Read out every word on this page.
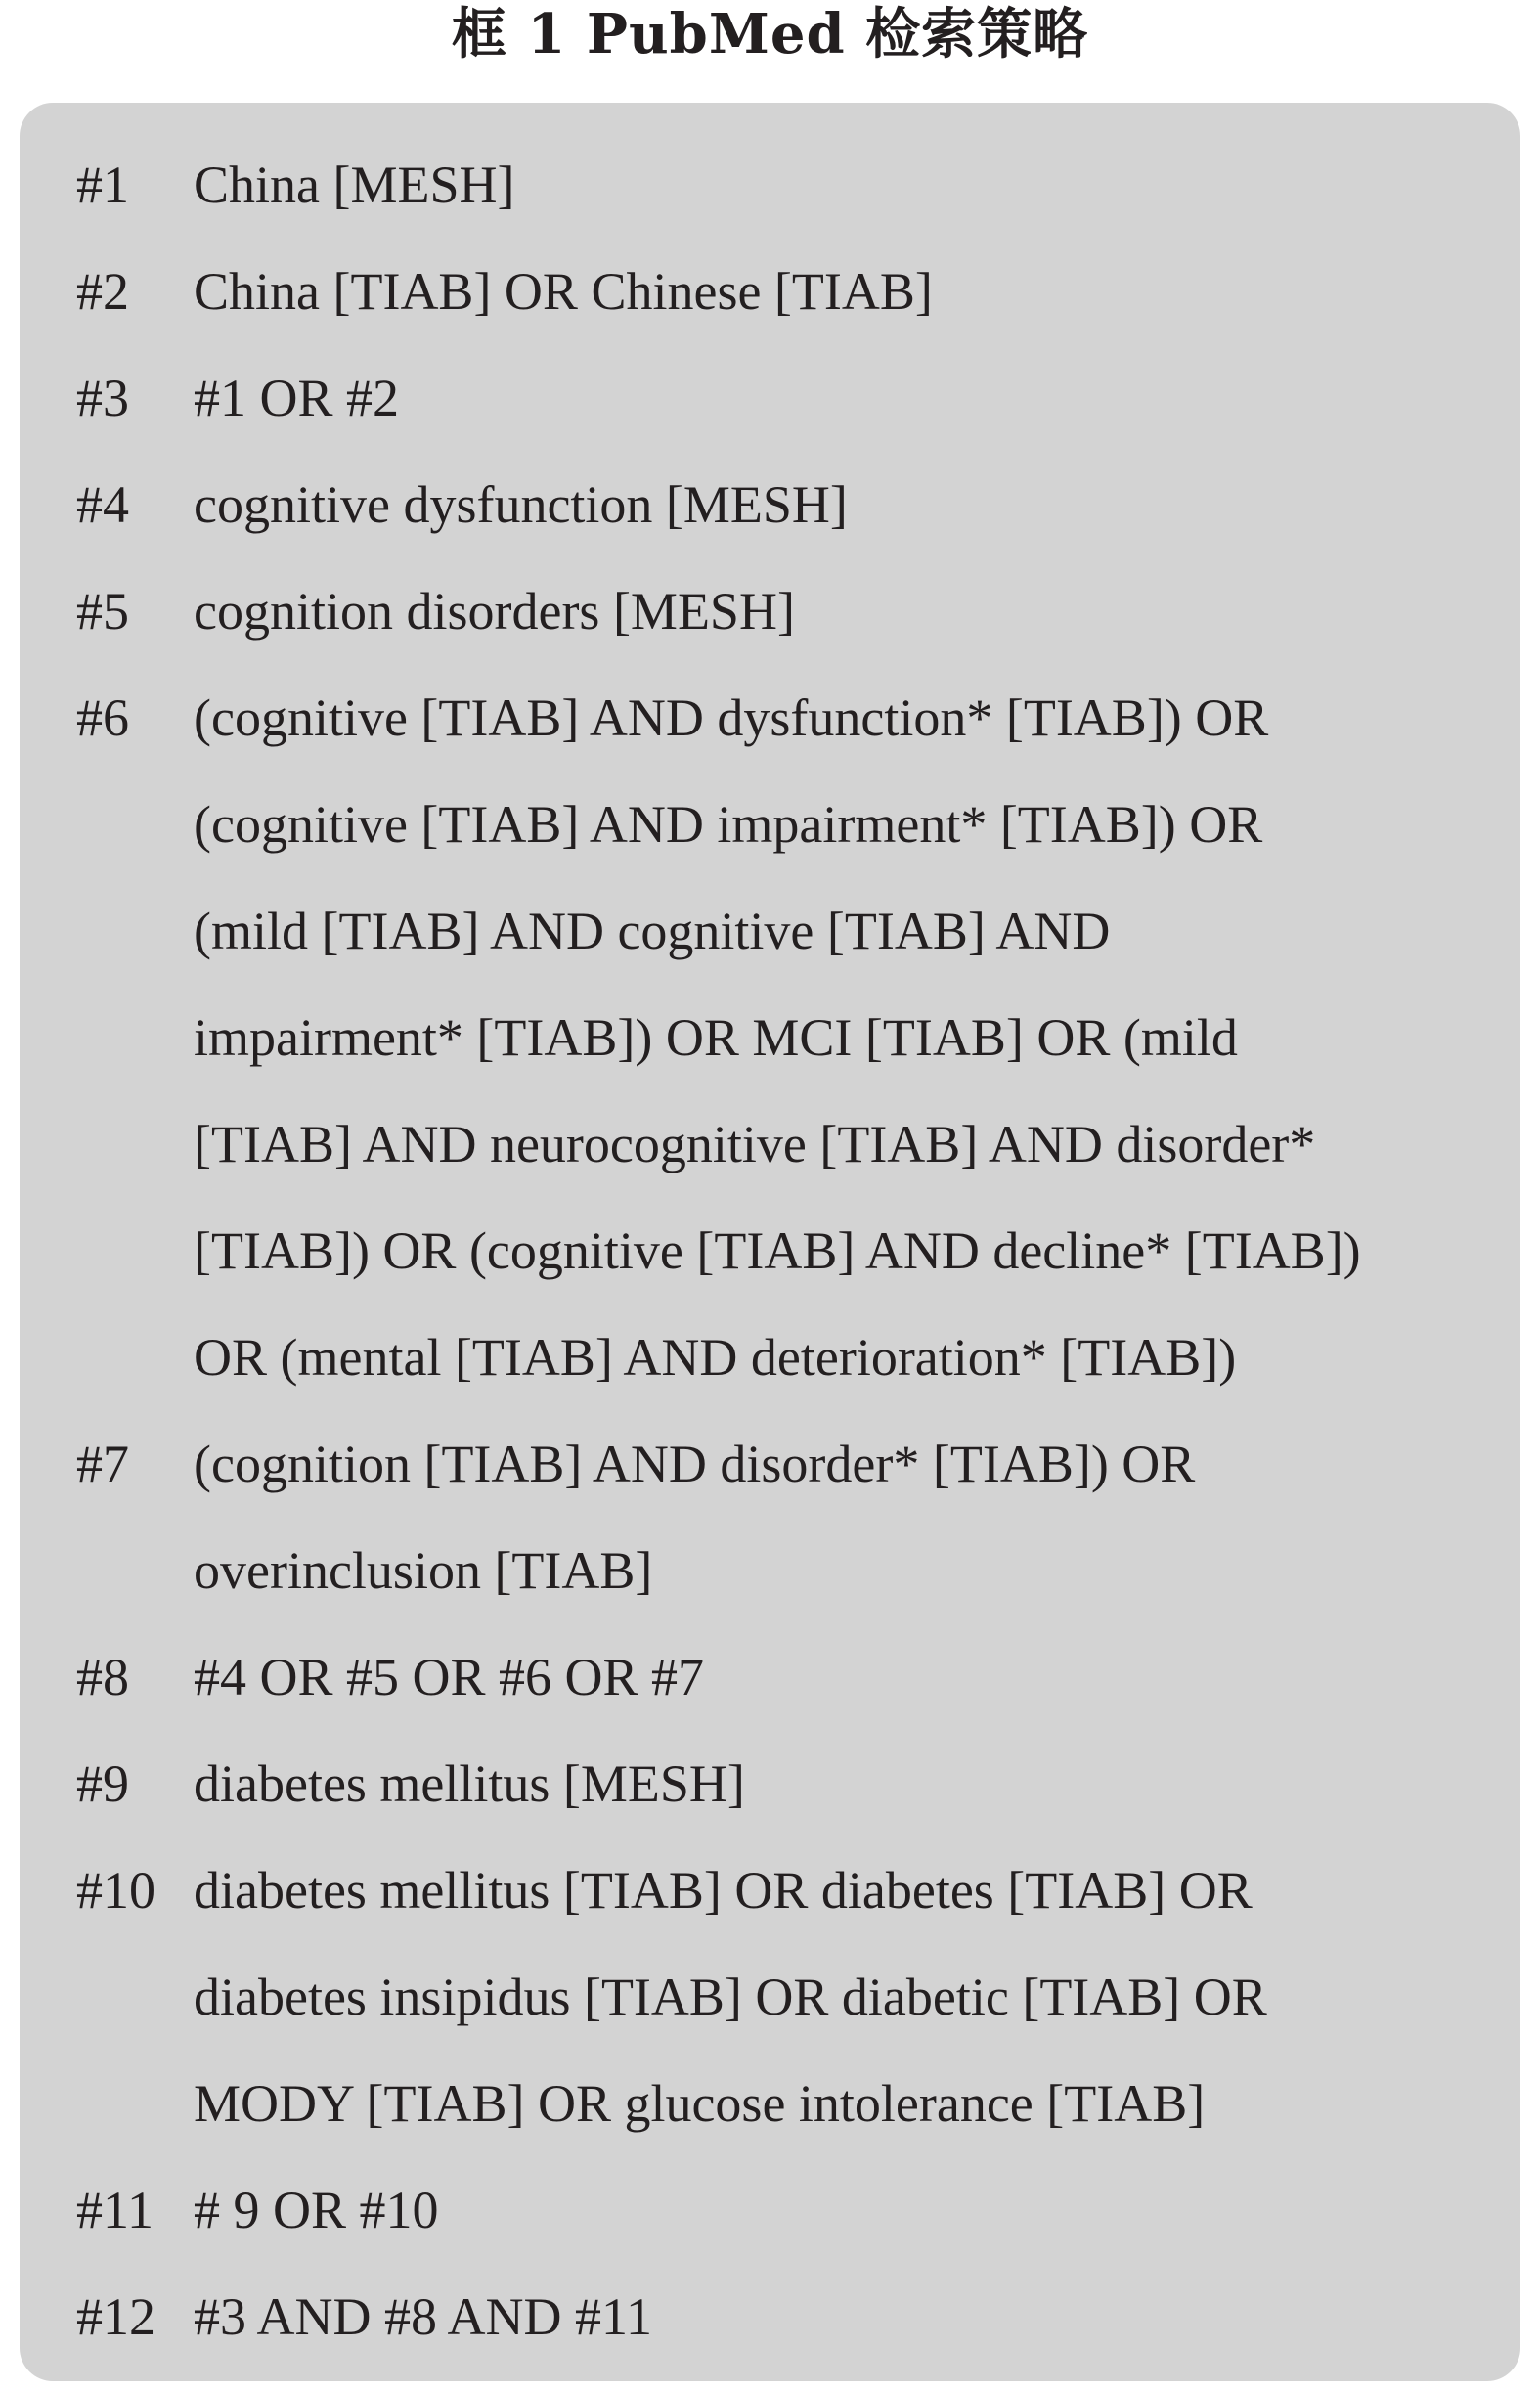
框 1 PubMed 检索策略
#1	China [MESH]
#2	China [TIAB] OR Chinese [TIAB]
#3	#1 OR #2
#4	cognitive dysfunction [MESH]
#5	cognition disorders [MESH]
#6	(cognitive [TIAB] AND dysfunction* [TIAB]) OR
(cognitive [TIAB] AND impairment* [TIAB]) OR
(mild [TIAB] AND cognitive [TIAB] AND
impairment* [TIAB]) OR MCI [TIAB] OR (mild
[TIAB] AND neurocognitive [TIAB] AND disorder*
[TIAB]) OR (cognitive [TIAB] AND decline* [TIAB])
OR (mental [TIAB] AND deterioration* [TIAB])
#7	(cognition [TIAB] AND disorder* [TIAB]) OR
overinclusion [TIAB]
#8	#4 OR #5 OR #6 OR #7
#9	diabetes mellitus [MESH]
#10 diabetes mellitus [TIAB] OR diabetes [TIAB] OR
diabetes insipidus [TIAB] OR diabetic [TIAB] OR
MODY [TIAB] OR glucose intolerance [TIAB]
#11 # 9 OR #10
#12 #3 AND #8 AND #11
